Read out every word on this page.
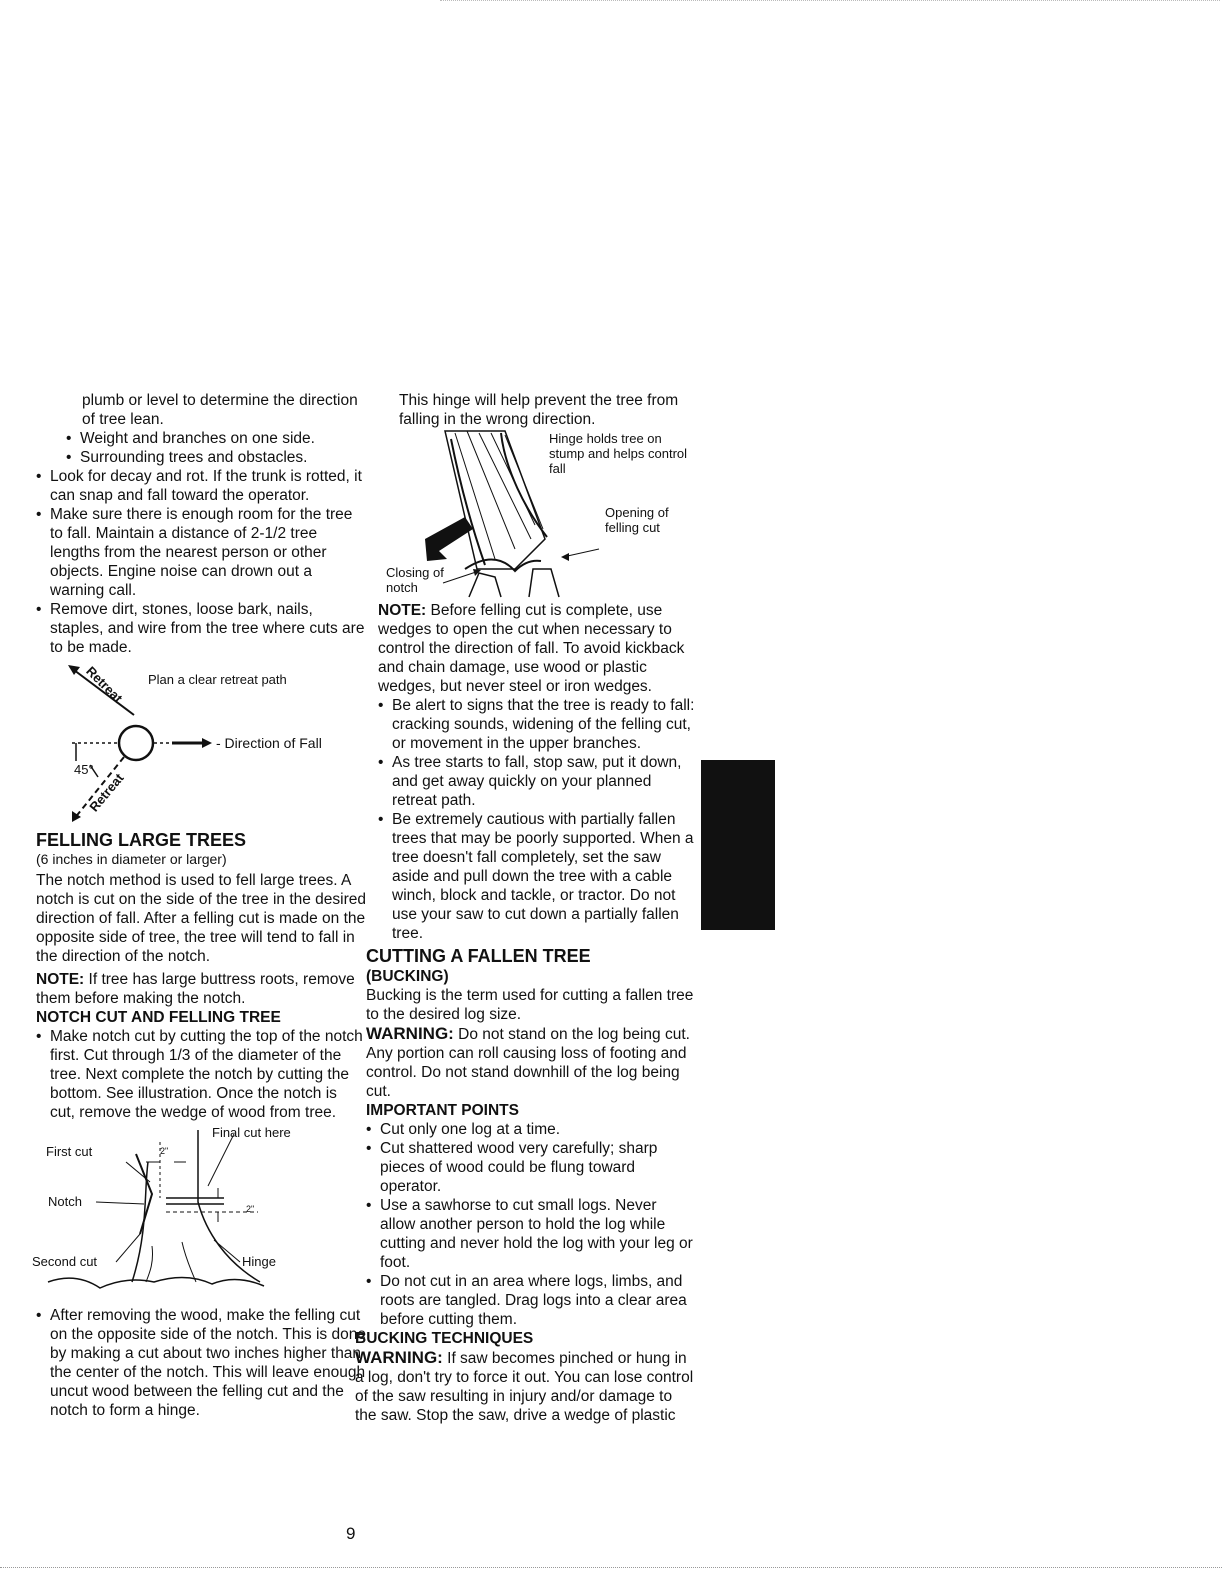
plumb or level to determine the direction of tree lean.

• Weight and branches on one side.
• Surrounding trees and obstacles.
• Look for decay and rot. If the trunk is rotted, it can snap and fall toward the operator.
• Make sure there is enough room for the tree to fall. Maintain a distance of 2-1/2 tree lengths from the nearest person or other objects. Engine noise can drown out a warning call.
• Remove dirt, stones, loose bark, nails, staples, and wire from the tree where cuts are to be made.
Retreat Plan a clear retreat path
- Direction of Fall
45°
Retreat

FELLING LARGE TREES

(6 inches in diameter or larger)

The notch method is used to fell large trees. A notch is cut on the side of the tree in the desired direction of fall. After a felling cut is made on the opposite side of tree, the tree will tend to fall in the direction of the notch.

NOTE: If tree has large buttress roots, remove them before making the notch.

NOTCH CUT AND FELLING TREE

• Make notch cut by cutting the top of the notch first. Cut through 1/3 of the diameter of the tree. Next complete the notch by cutting the bottom. See illustration. Once the notch is cut, remove the wedge of wood from tree.
Final cut here
First cut	2"
Notch	2"
Second cut	Hinge
• After removing the wood, make the felling cut on the opposite side of the notch. This is done by making a cut about two inches higher than the center of the notch. This will leave enough uncut wood between the felling cut and the notch to form a hinge.

This hinge will help prevent the tree from falling in the wrong direction.

Hinge holds tree on stump and helps control fall
Opening of felling cut
Closing of notch

NOTE: Before felling cut is complete, use wedges to open the cut when necessary to control the direction of fall. To avoid kickback and chain damage, use wood or plastic wedges, but never steel or iron wedges.

• Be alert to signs that the tree is ready to fall: cracking sounds, widening of the felling cut, or movement in the upper branches.
• As tree starts to fall, stop saw, put it down, and get away quickly on your planned retreat path.
• Be extremely cautious with partially fallen trees that may be poorly supported. When a tree doesn't fall completely, set the saw aside and pull down the tree with a cable winch, block and tackle, or tractor. Do not use your saw to cut down a partially fallen tree.

CUTTING A FALLEN TREE

(BUCKING)

Bucking is the term used for cutting a fallen tree to the desired log size.

WARNING: Do not stand on the log being cut. Any portion can roll causing loss of footing and control. Do not stand downhill of the log being cut.

IMPORTANT POINTS

• Cut only one log at a time.
• Cut shattered wood very carefully; sharp pieces of wood could be flung toward operator.
• Use a sawhorse to cut small logs. Never allow another person to hold the log while cutting and never hold the log with your leg or foot.
• Do not cut in an area where logs, limbs, and roots are tangled. Drag logs into a clear area before cutting them.

BUCKING TECHNIQUES

WARNING: If saw becomes pinched or hung in a log, don't try to force it out. You can lose control of the saw resulting in injury and/or damage to the saw. Stop the saw, drive a wedge of plastic

9
